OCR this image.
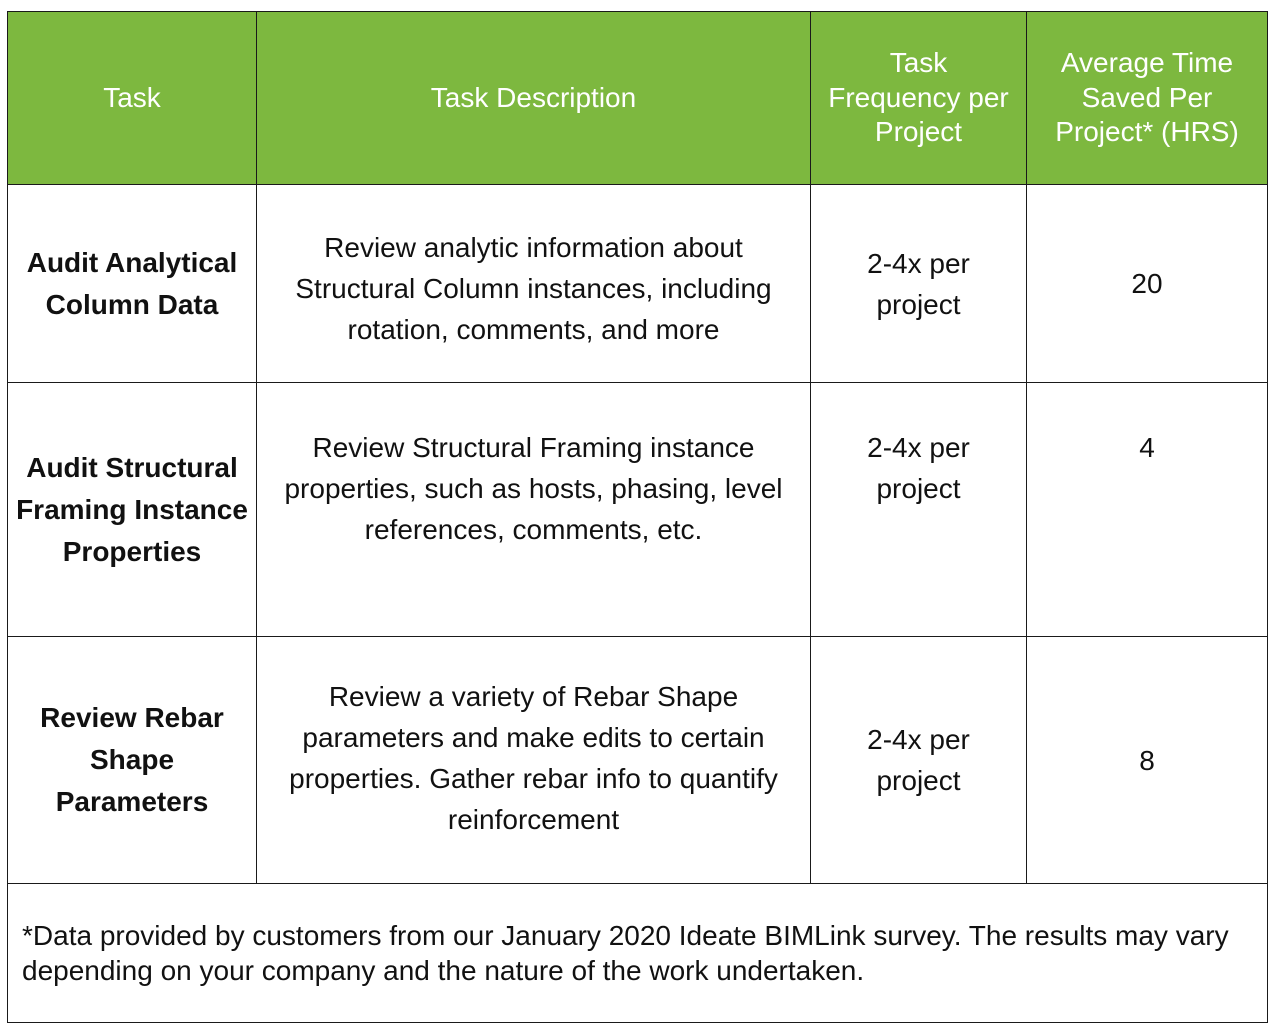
Task	Task Description	Task Frequency per Project	Average Time Saved Per Project* (HRS)
Audit Analytical Column Data	Review analytic information about Structural Column instances, including rotation, comments, and more	2-4x per project	20
Audit Structural Framing Instance Properties	Review Structural Framing instance properties, such as hosts, phasing, level references, comments, etc.	2-4x per project	4
Review Rebar Shape Parameters	Review a variety of Rebar Shape parameters and make edits to certain properties. Gather rebar info to quantify reinforcement	2-4x per project	8
*Data provided by customers from our January 2020 Ideate BIMLink survey. The results may vary depending on your company and the nature of the work undertaken.			
